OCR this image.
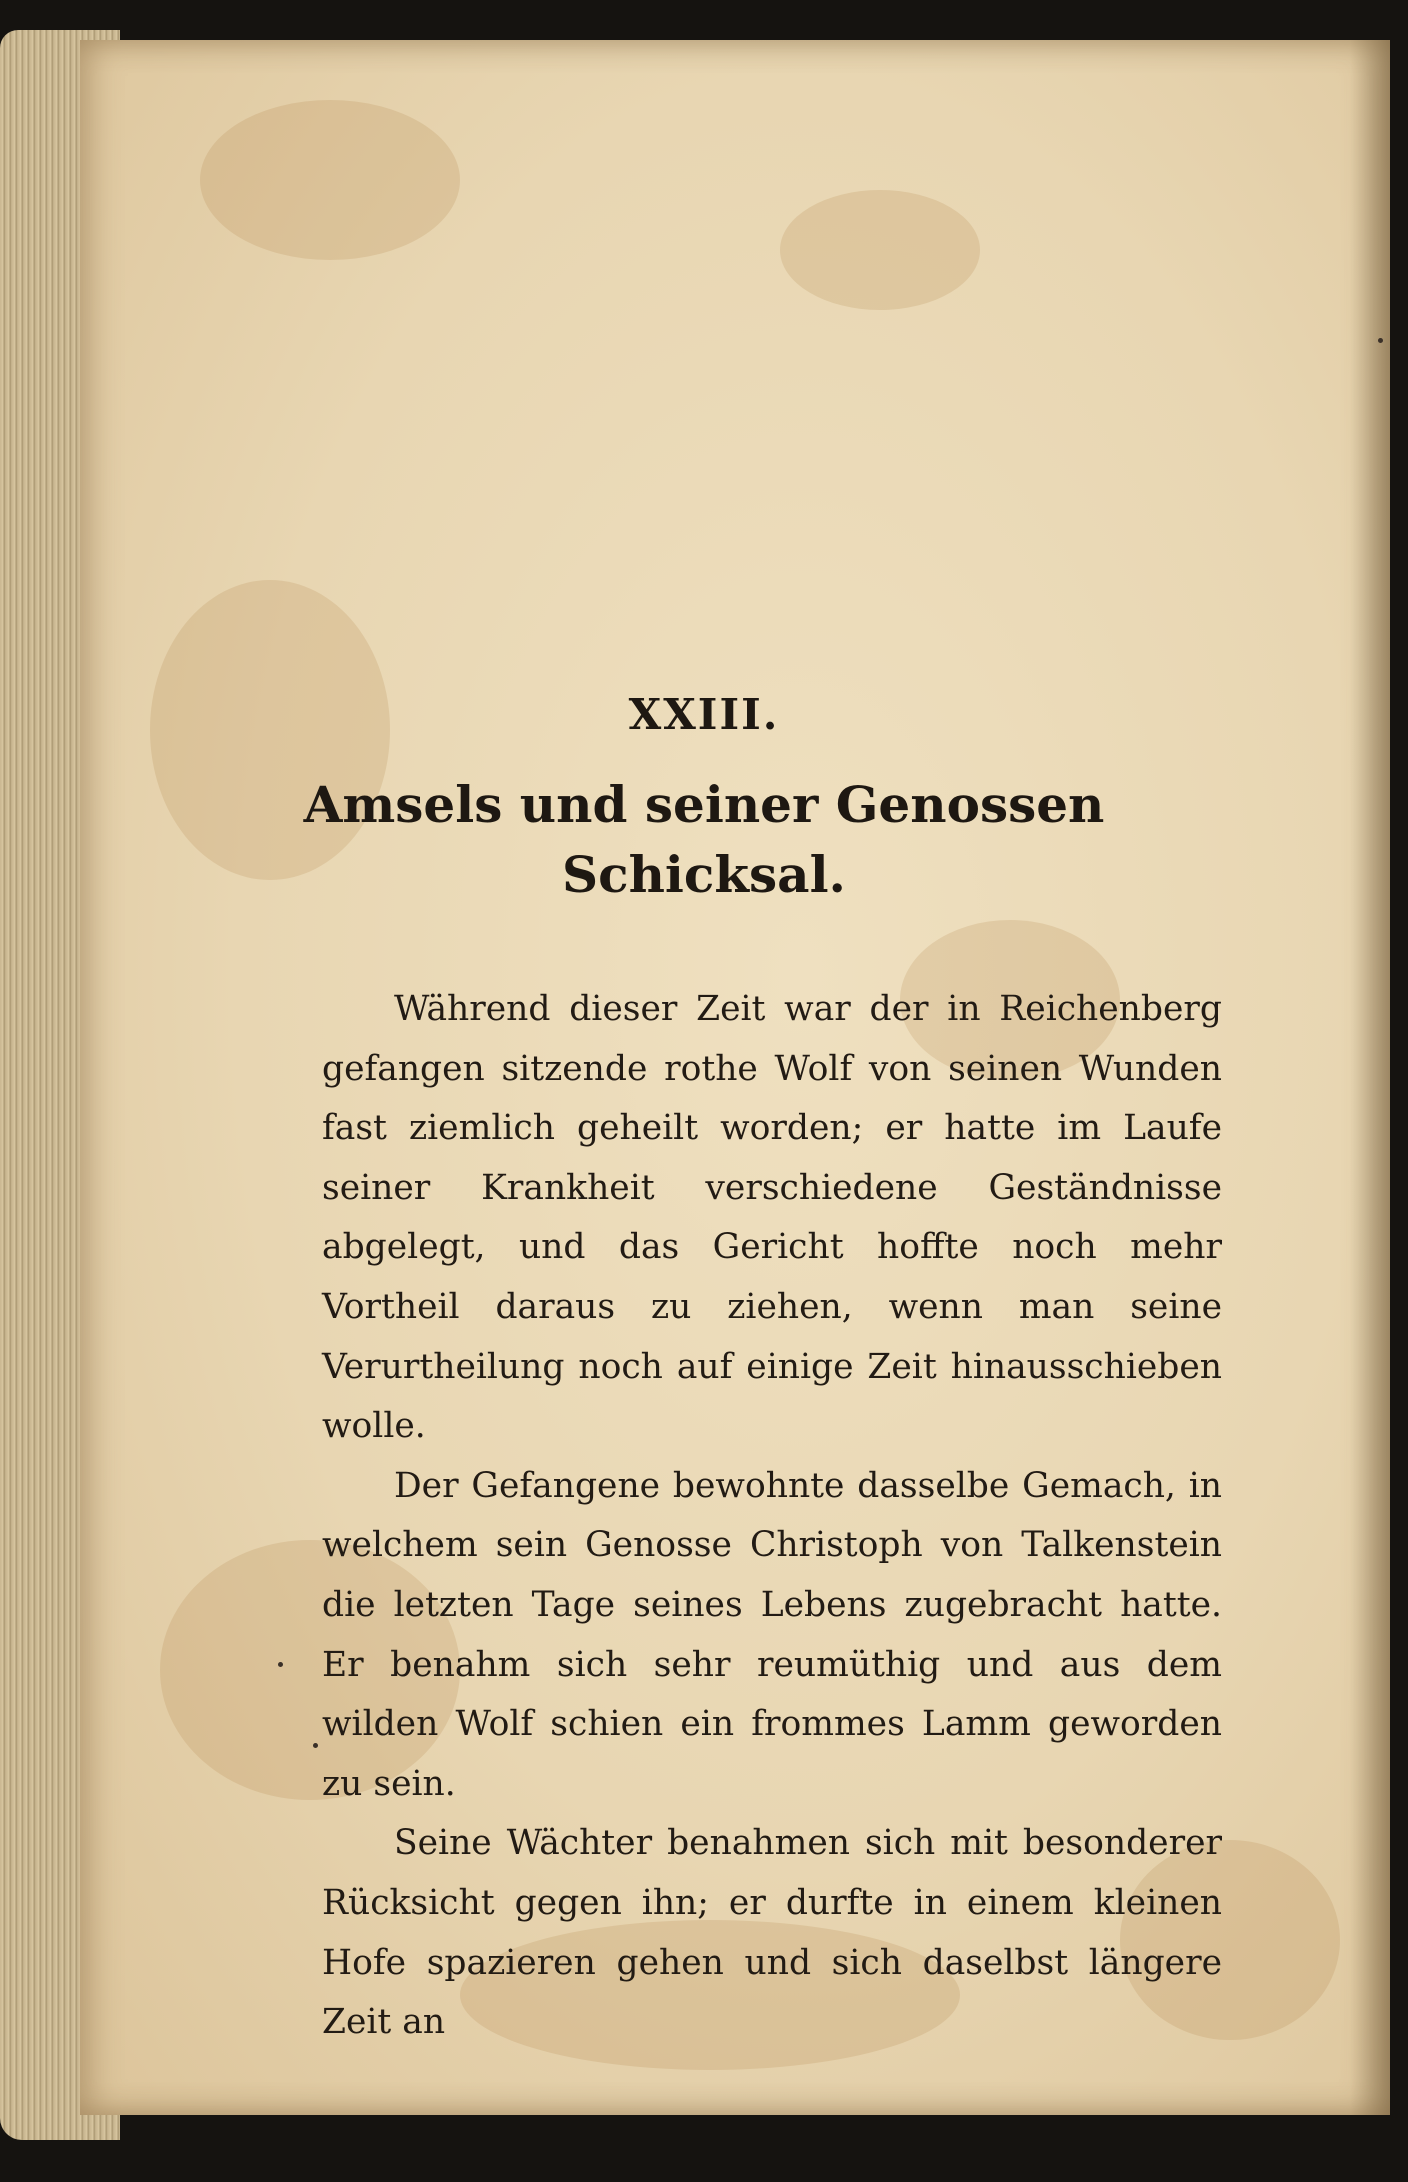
XXIII.
Amsels und seiner Genossen
Schicksal.

Während dieser Zeit war der in Reichenberg gefangen sitzende rothe Wolf von seinen Wunden fast ziemlich geheilt worden; er hatte im Laufe seiner Krankheit verschiedene Geständnisse abgelegt, und das Gericht hoffte noch mehr Vortheil daraus zu ziehen, wenn man seine Verurtheilung noch auf einige Zeit hinausschieben wolle.

Der Gefangene bewohnte dasselbe Gemach, in welchem sein Genosse Christoph von Talkenstein die letzten Tage seines Lebens zugebracht hatte. Er benahm sich sehr reumüthig und aus dem wilden Wolf schien ein frommes Lamm geworden zu sein.

Seine Wächter benahmen sich mit besonderer Rücksicht gegen ihn; er durfte in einem kleinen Hofe spazieren gehen und sich daselbst längere Zeit an
